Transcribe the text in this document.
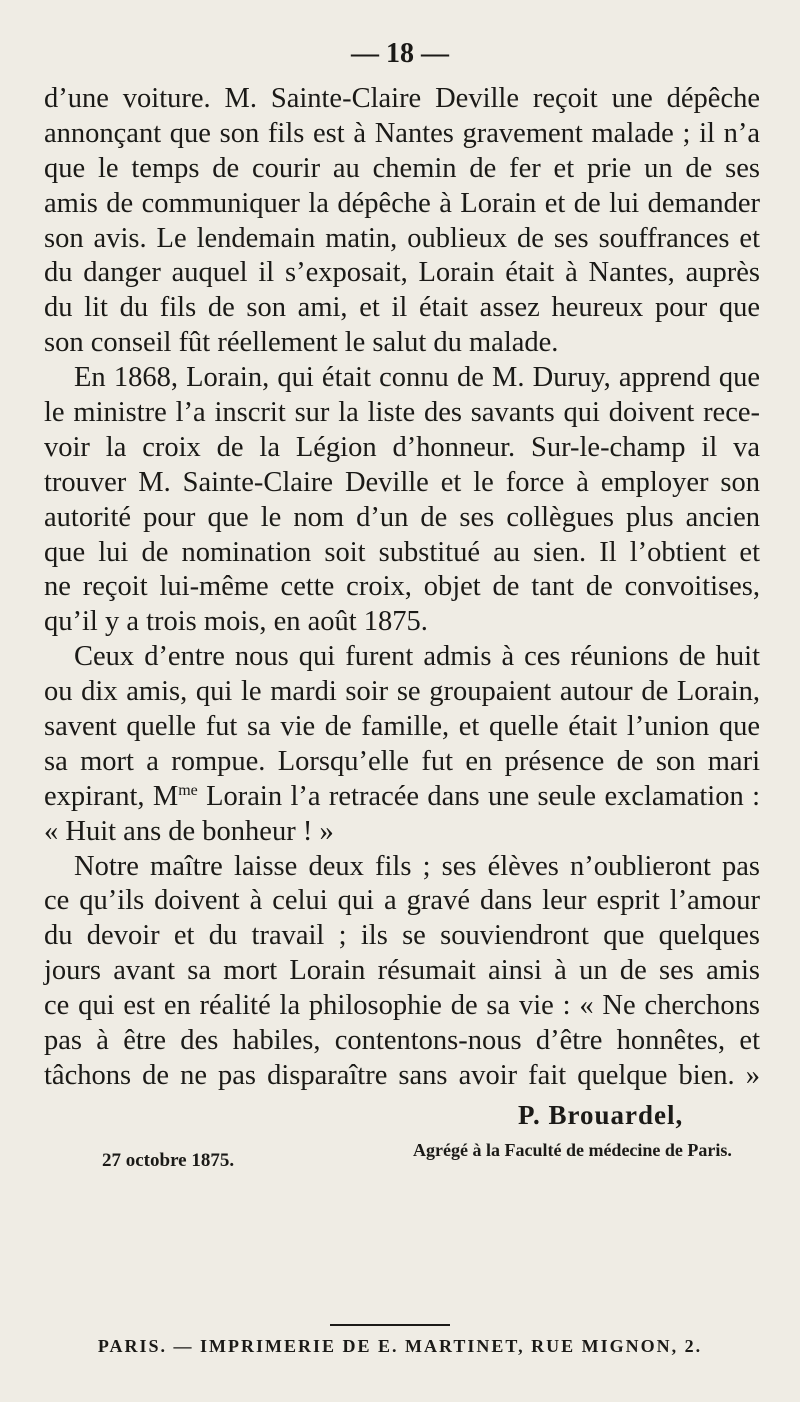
— 18 —
d’une voiture. M. Sainte-Claire Deville reçoit une dépêche
annonçant que son fils est à Nantes gravement malade ; il n’a
que le temps de courir au chemin de fer et prie un de ses
amis de communiquer la dépêche à Lorain et de lui demander
son avis. Le lendemain matin, oublieux de ses souffrances et
du danger auquel il s’exposait, Lorain était à Nantes, auprès
du lit du fils de son ami, et il était assez heureux pour que
son conseil fût réellement le salut du malade.
En 1868, Lorain, qui était connu de M. Duruy, apprend que
le ministre l’a inscrit sur la liste des savants qui doivent rece-
voir la croix de la Légion d’honneur. Sur-le-champ il va
trouver M. Sainte-Claire Deville et le force à employer son
autorité pour que le nom d’un de ses collègues plus ancien
que lui de nomination soit substitué au sien. Il l’obtient et
ne reçoit lui-même cette croix, objet de tant de convoitises,
qu’il y a trois mois, en août 1875.
Ceux d’entre nous qui furent admis à ces réunions de huit
ou dix amis, qui le mardi soir se groupaient autour de Lorain,
savent quelle fut sa vie de famille, et quelle était l’union que
sa mort a rompue. Lorsqu’elle fut en présence de son mari
expirant, $M^{me}$ Lorain l’a retracée dans une seule exclamation :
« Huit ans de bonheur ! »
Notre maître laisse deux fils ; ses élèves n’oublieront pas
ce qu’ils doivent à celui qui a gravé dans leur esprit l’amour
du devoir et du travail ; ils se souviendront que quelques
jours avant sa mort Lorain résumait ainsi à un de ses amis
ce qui est en réalité la philosophie de sa vie : « Ne cherchons
pas à être des habiles, contentons-nous d’être honnêtes, et
tâchons de ne pas disparaître sans avoir fait quelque bien. »
P. Brouardel,
Agrégé à la Faculté de médecine de Paris.
27 octobre 1875.
PARIS. — IMPRIMERIE DE E. MARTINET, RUE MIGNON, 2.
